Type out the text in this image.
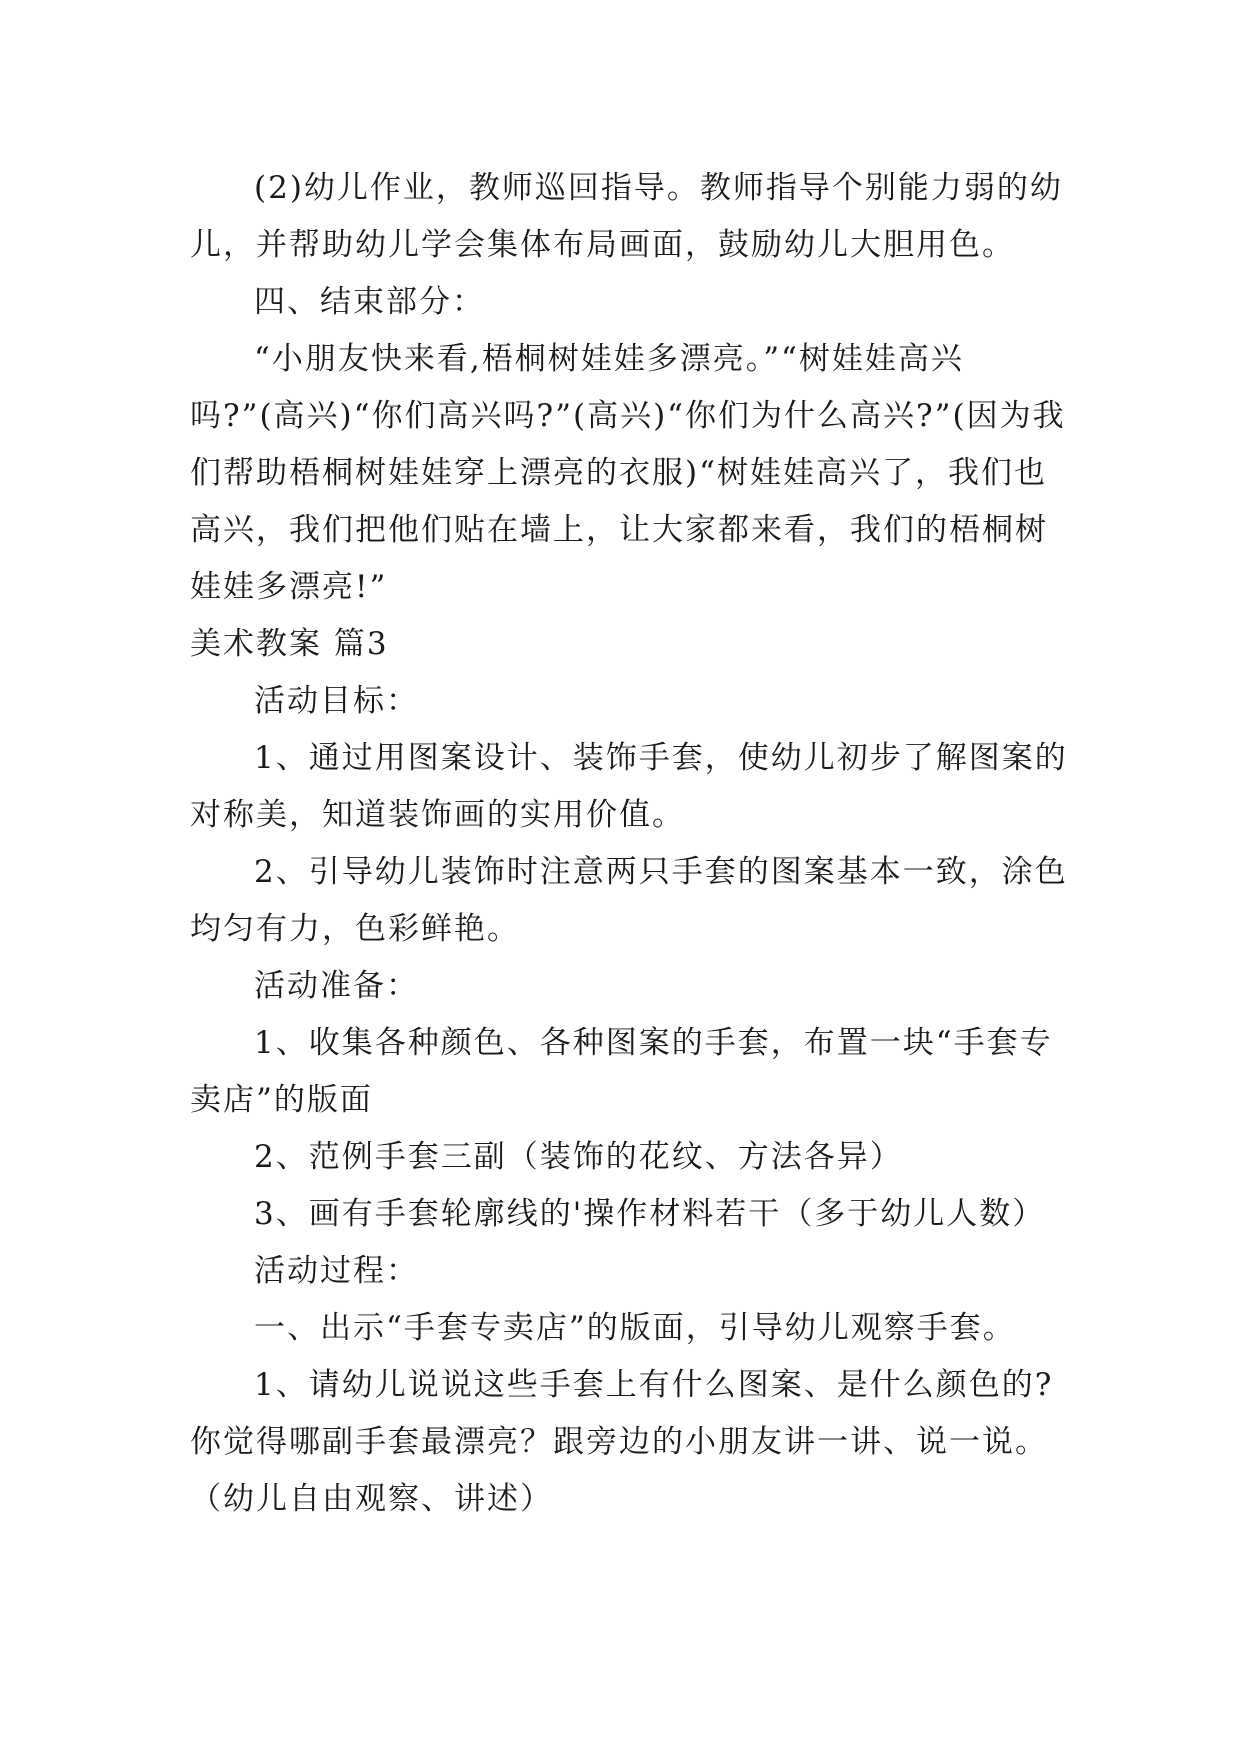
(2)幼儿作业，教师巡回指导。教师指导个别能力弱的幼儿，并帮助幼儿学会集体布局画面，鼓励幼儿大胆用色。

四、结束部分：

“小朋友快来看,梧桐树娃娃多漂亮。”“树娃娃高兴吗?”(高兴)“你们高兴吗?”(高兴)“你们为什么高兴?”(因为我们帮助梧桐树娃娃穿上漂亮的衣服)“树娃娃高兴了，我们也高兴，我们把他们贴在墙上，让大家都来看，我们的梧桐树娃娃多漂亮!”

美术教案 篇3

活动目标：

1、通过用图案设计、装饰手套，使幼儿初步了解图案的对称美，知道装饰画的实用价值。

2、引导幼儿装饰时注意两只手套的图案基本一致，涂色均匀有力，色彩鲜艳。

活动准备：

1、收集各种颜色、各种图案的手套，布置一块“手套专卖店”的版面

2、范例手套三副（装饰的花纹、方法各异）

3、画有手套轮廓线的'操作材料若干（多于幼儿人数）

活动过程：

一、出示“手套专卖店”的版面，引导幼儿观察手套。

1、请幼儿说说这些手套上有什么图案、是什么颜色的?你觉得哪副手套最漂亮？跟旁边的小朋友讲一讲、说一说。（幼儿自由观察、讲述）
